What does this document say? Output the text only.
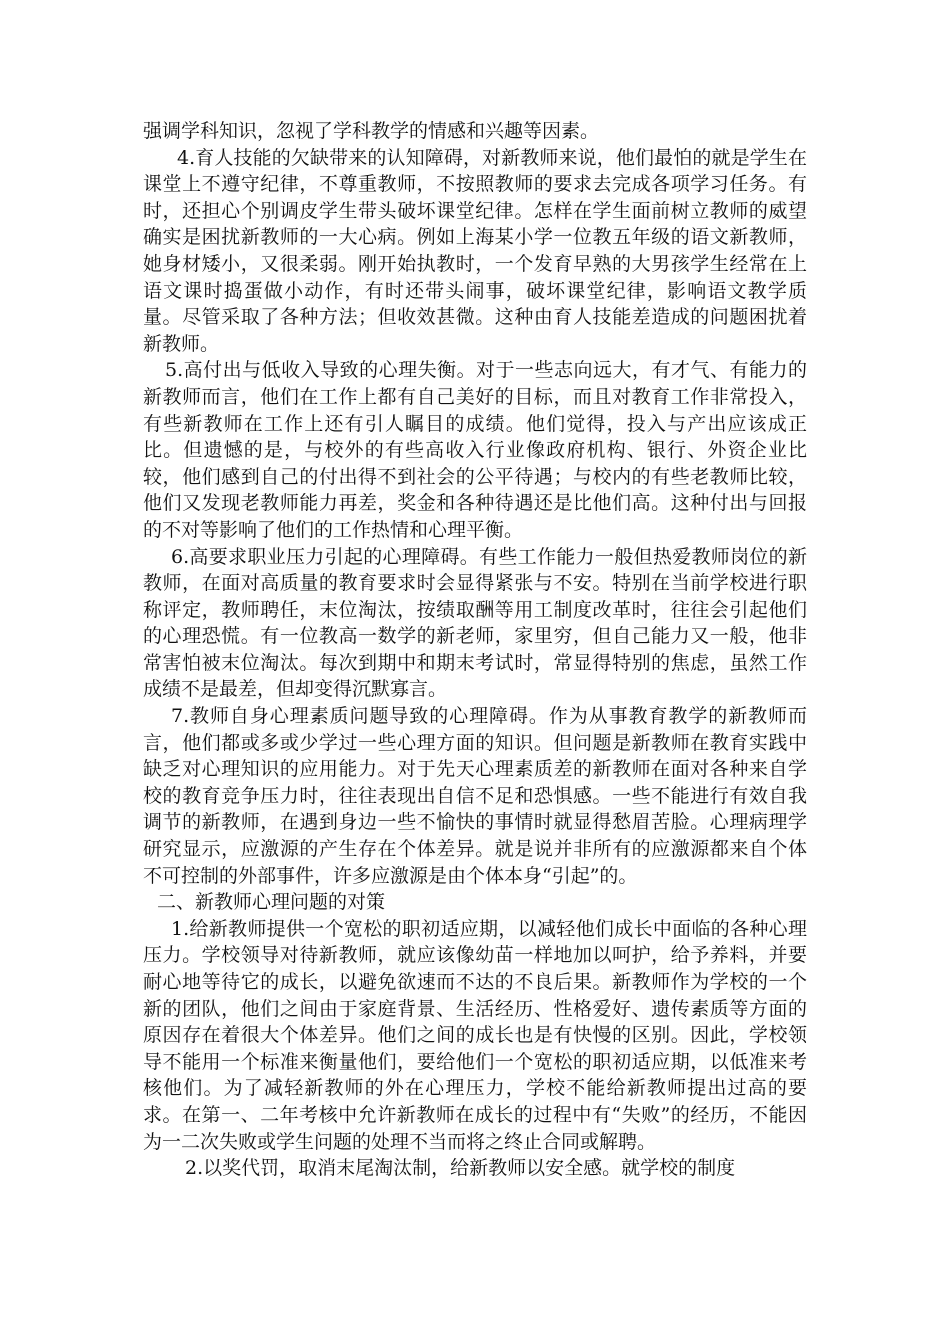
强调学科知识，忽视了学科教学的情感和兴趣等因素。

4.育人技能的欠缺带来的认知障碍，对新教师来说，他们最怕的就是学生在课堂上不遵守纪律，不尊重教师，不按照教师的要求去完成各项学习任务。有时，还担心个别调皮学生带头破坏课堂纪律。怎样在学生面前树立教师的威望确实是困扰新教师的一大心病。例如上海某小学一位教五年级的语文新教师，她身材矮小，又很柔弱。刚开始执教时，一个发育早熟的大男孩学生经常在上语文课时捣蛋做小动作，有时还带头闹事，破坏课堂纪律，影响语文教学质量。尽管采取了各种方法；但收效甚微。这种由育人技能差造成的问题困扰着新教师。

5.高付出与低收入导致的心理失衡。对于一些志向远大，有才气、有能力的新教师而言，他们在工作上都有自己美好的目标，而且对教育工作非常投入，有些新教师在工作上还有引人瞩目的成绩。他们觉得，投入与产出应该成正比。但遗憾的是，与校外的有些高收入行业像政府机构、银行、外资企业比较，他们感到自己的付出得不到社会的公平待遇；与校内的有些老教师比较，他们又发现老教师能力再差，奖金和各种待遇还是比他们高。这种付出与回报的不对等影响了他们的工作热情和心理平衡。

6.高要求职业压力引起的心理障碍。有些工作能力一般但热爱教师岗位的新教师，在面对高质量的教育要求时会显得紧张与不安。特别在当前学校进行职称评定，教师聘任，末位淘汰，按绩取酬等用工制度改革时，往往会引起他们的心理恐慌。有一位教高一数学的新老师，家里穷，但自己能力又一般，他非常害怕被末位淘汰。每次到期中和期末考试时，常显得特别的焦虑，虽然工作成绩不是最差，但却变得沉默寡言。

7.教师自身心理素质问题导致的心理障碍。作为从事教育教学的新教师而言，他们都或多或少学过一些心理方面的知识。但问题是新教师在教育实践中缺乏对心理知识的应用能力。对于先天心理素质差的新教师在面对各种来自学校的教育竞争压力时，往往表现出自信不足和恐惧感。一些不能进行有效自我调节的新教师，在遇到身边一些不愉快的事情时就显得愁眉苦脸。心理病理学研究显示，应激源的产生存在个体差异。就是说并非所有的应激源都来自个体不可控制的外部事件，许多应激源是由个体本身“引起”的。

二、新教师心理问题的对策

1.给新教师提供一个宽松的职初适应期，以减轻他们成长中面临的各种心理压力。学校领导对待新教师，就应该像幼苗一样地加以呵护，给予养料，并要耐心地等待它的成长，以避免欲速而不达的不良后果。新教师作为学校的一个新的团队，他们之间由于家庭背景、生活经历、性格爱好、遗传素质等方面的原因存在着很大个体差异。他们之间的成长也是有快慢的区别。因此，学校领导不能用一个标准来衡量他们，要给他们一个宽松的职初适应期，以低准来考核他们。为了减轻新教师的外在心理压力，学校不能给新教师提出过高的要求。在第一、二年考核中允许新教师在成长的过程中有“失败”的经历，不能因为一二次失败或学生问题的处理不当而将之终止合同或解聘。

2.以奖代罚，取消末尾淘汰制，给新教师以安全感。就学校的制度
